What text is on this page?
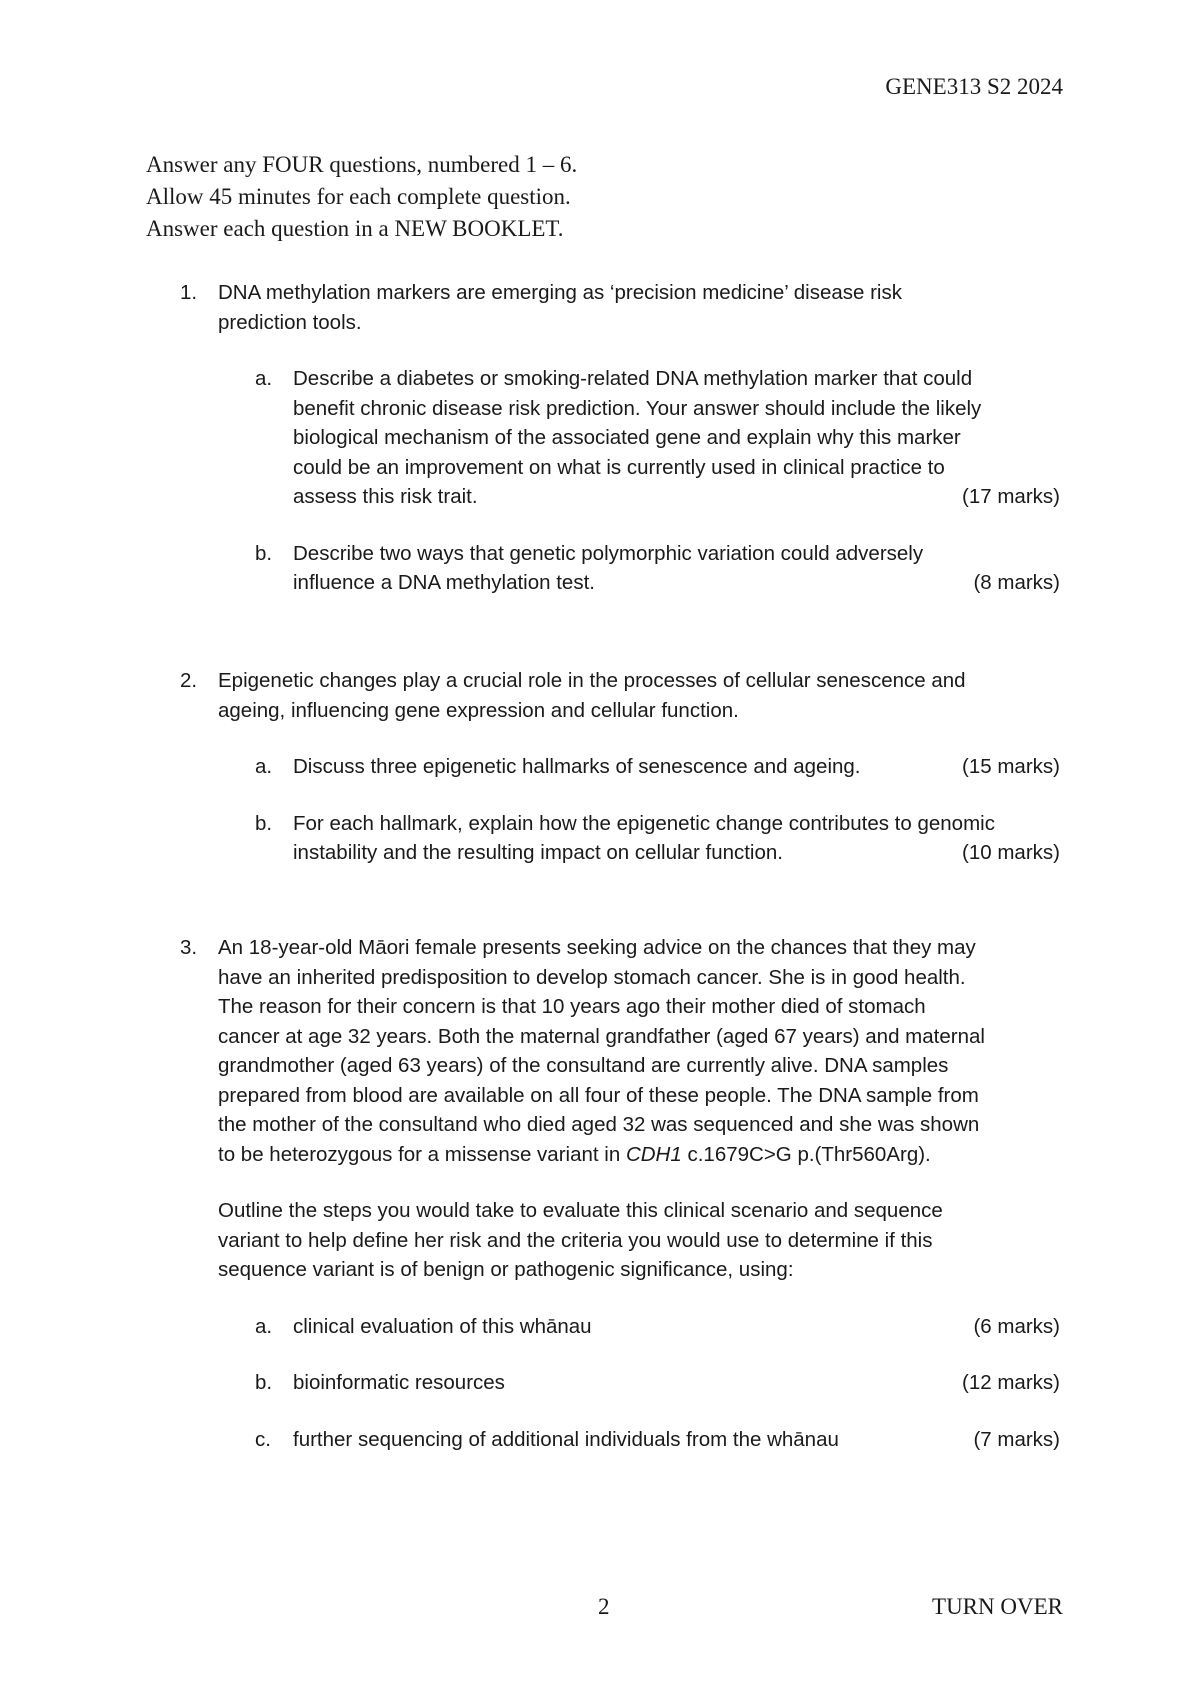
GENE313 S2 2024
Answer any FOUR questions, numbered 1 – 6.
Allow 45 minutes for each complete question.
Answer each question in a NEW BOOKLET.
1. DNA methylation markers are emerging as ‘precision medicine’ disease risk
prediction tools.
a. Describe a diabetes or smoking-related DNA methylation marker that could
benefit chronic disease risk prediction. Your answer should include the likely
biological mechanism of the associated gene and explain why this marker
could be an improvement on what is currently used in clinical practice to
assess this risk trait.	(17 marks)
b. Describe two ways that genetic polymorphic variation could adversely
influence a DNA methylation test.	(8 marks)
2. Epigenetic changes play a crucial role in the processes of cellular senescence and
ageing, influencing gene expression and cellular function.
a. Discuss three epigenetic hallmarks of senescence and ageing.	(15 marks)
b. For each hallmark, explain how the epigenetic change contributes to genomic
instability and the resulting impact on cellular function.	(10 marks)
3. An 18-year-old Māori female presents seeking advice on the chances that they may
have an inherited predisposition to develop stomach cancer. She is in good health.
The reason for their concern is that 10 years ago their mother died of stomach
cancer at age 32 years. Both the maternal grandfather (aged 67 years) and maternal
grandmother (aged 63 years) of the consultand are currently alive. DNA samples
prepared from blood are available on all four of these people. The DNA sample from
the mother of the consultand who died aged 32 was sequenced and she was shown
to be heterozygous for a missense variant in CDH1 c.1679C>G p.(Thr560Arg).
Outline the steps you would take to evaluate this clinical scenario and sequence
variant to help define her risk and the criteria you would use to determine if this
sequence variant is of benign or pathogenic significance, using:
a. clinical evaluation of this whānau	(6 marks)
b. bioinformatic resources	(12 marks)
c. further sequencing of additional individuals from the whānau	(7 marks)
2	TURN OVER
